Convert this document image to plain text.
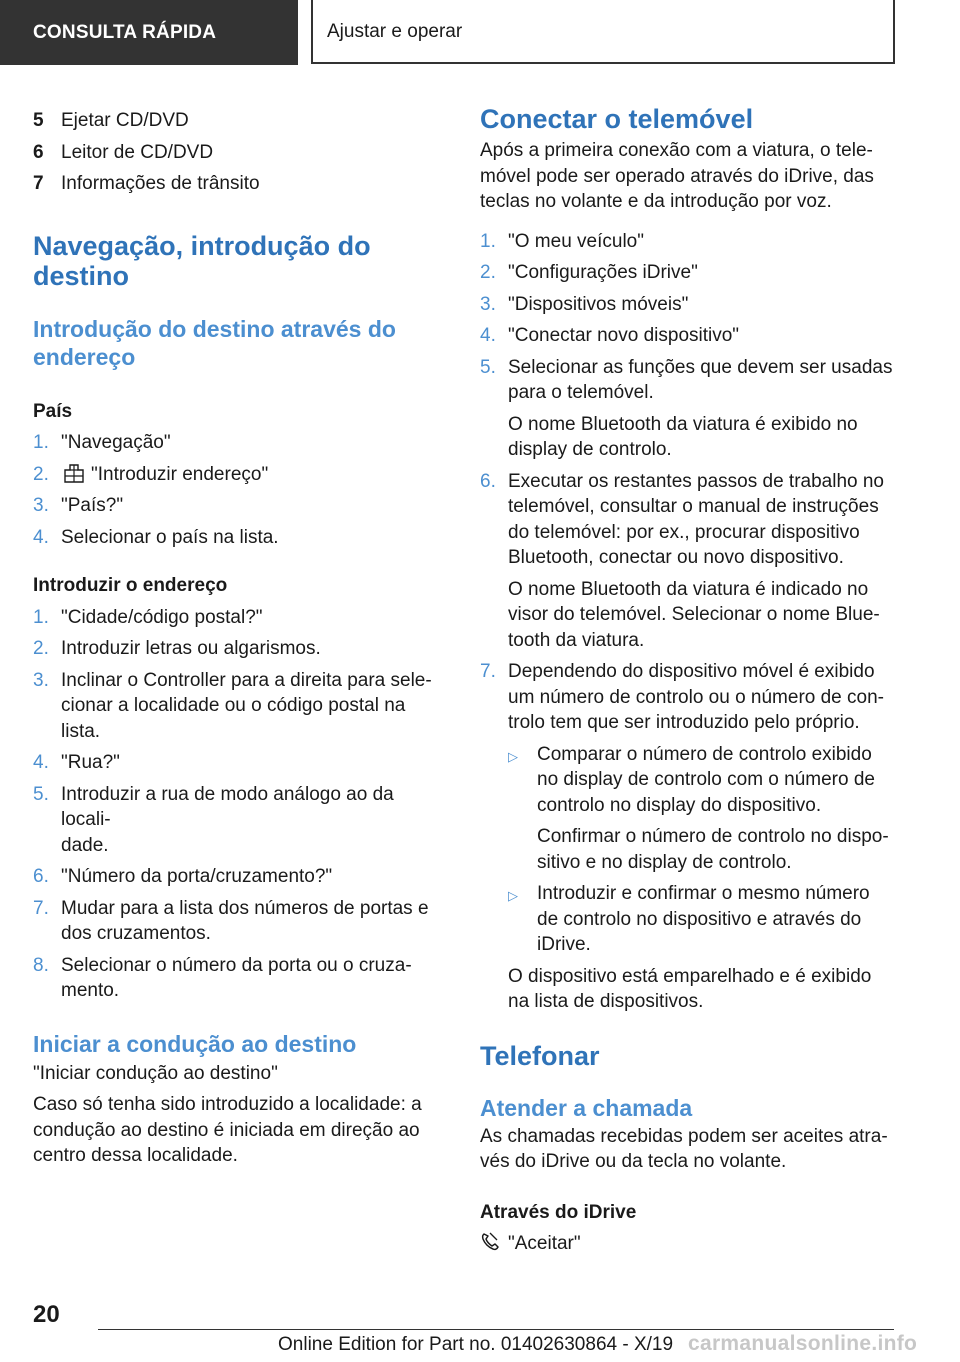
CONSULTA RÁPIDA	Ajustar e operar
5 Ejetar CD/DVD
6 Leitor de CD/DVD
7 Informações de trânsito
Navegação, introdução do
destino
Introdução do destino através do
endereço
País
1. "Navegação"
2.	"Introduzir endereço"
3. "País?"
4. Selecionar o país na lista.
Introduzir o endereço
1. "Cidade/código postal?"
2. Introduzir letras ou algarismos.
3. Inclinar o Controller para a direita para sele-
cionar a localidade ou o código postal na lista.
4. "Rua?"
5. Introduzir a rua de modo análogo ao da locali-
dade.
6. "Número da porta/cruzamento?"
7. Mudar para a lista dos números de portas e
dos cruzamentos.
8. Selecionar o número da porta ou o cruza-
mento.
Iniciar a condução ao destino

"Iniciar condução ao destino"

Caso só tenha sido introduzido a localidade: a
condução ao destino é iniciada em direção ao
centro dessa localidade.

Conectar o telemóvel

Após a primeira conexão com a viatura, o tele-
móvel pode ser operado através do iDrive, das
teclas no volante e da introdução por voz.

1. "O meu veículo"
2. "Configurações iDrive"
3. "Dispositivos móveis"
4. "Conectar novo dispositivo"
5. Selecionar as funções que devem ser usadas
para o telemóvel.
O nome Bluetooth da viatura é exibido no
display de controlo.
6. Executar os restantes passos de trabalho no
telemóvel, consultar o manual de instruções
do telemóvel: por ex., procurar dispositivo
Bluetooth, conectar ou novo dispositivo.
O nome Bluetooth da viatura é indicado no
visor do telemóvel. Selecionar o nome Blue-
tooth da viatura.
7. Dependendo do dispositivo móvel é exibido
um número de controlo ou o número de con-
trolo tem que ser introduzido pelo próprio.
▷	Comparar o número de controlo exibido
no display de controlo com o número de
controlo no display do dispositivo.
Confirmar o número de controlo no dispo-
sitivo e no display de controlo.
▷	Introduzir e confirmar o mesmo número
de controlo no dispositivo e através do
iDrive.

O dispositivo está emparelhado e é exibido
na lista de dispositivos.

Telefonar
Atender a chamada

As chamadas recebidas podem ser aceites atra-
vés do iDrive ou da tecla no volante.

Através do iDrive
"Aceitar"
20
Online Edition for Part no. 01402630864 - X/19 carmanualsonline.info
